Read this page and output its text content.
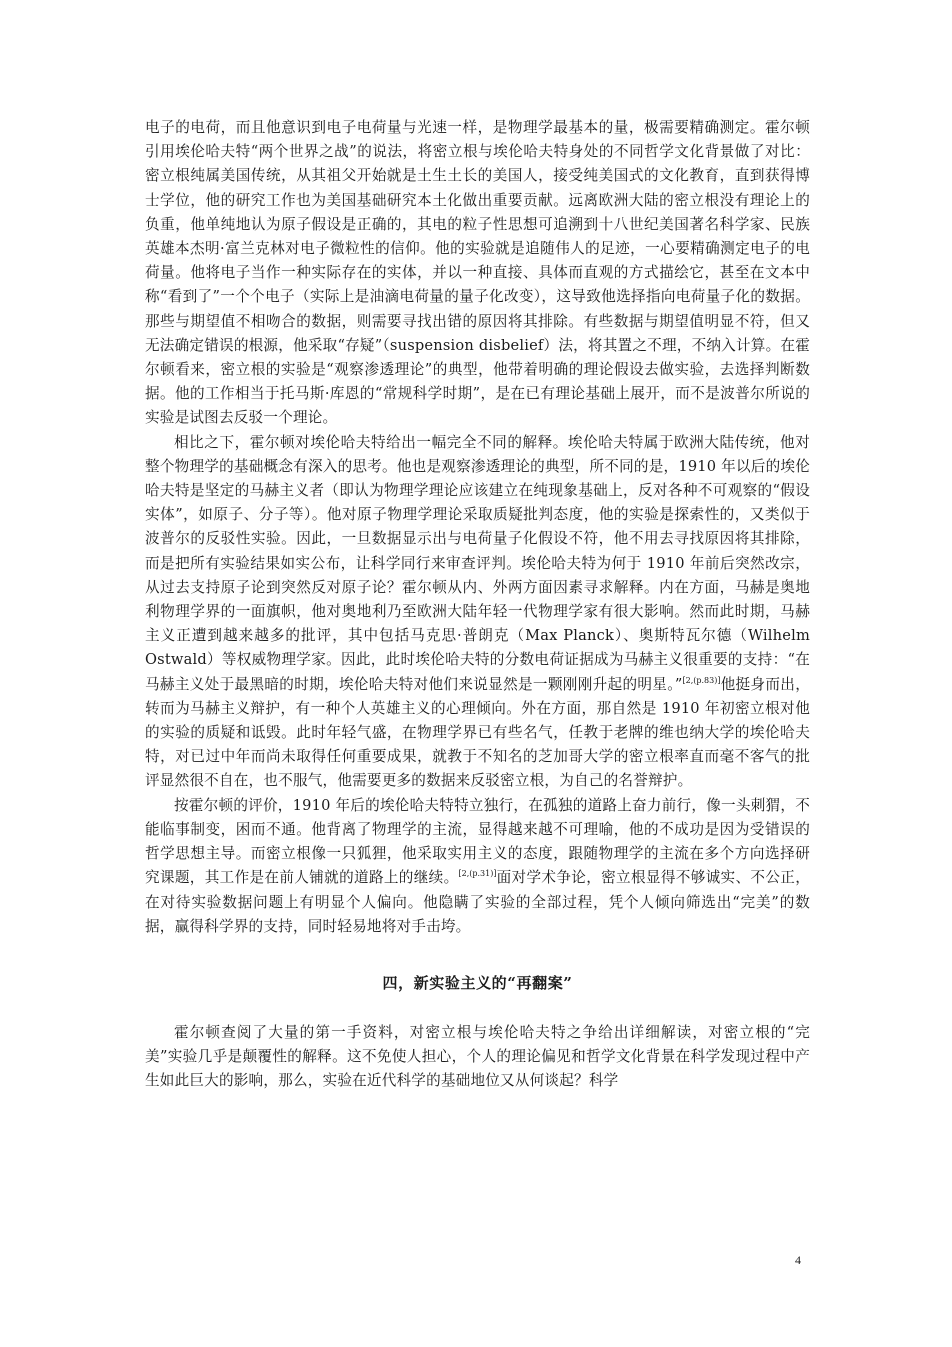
电子的电荷，而且他意识到电子电荷量与光速一样，是物理学最基本的量，极需要精确测定。霍尔顿引用埃伦哈夫特“两个世界之战”的说法，将密立根与埃伦哈夫特身处的不同哲学文化背景做了对比：密立根纯属美国传统，从其祖父开始就是土生土长的美国人，接受纯美国式的文化教育，直到获得博士学位，他的研究工作也为美国基础研究本土化做出重要贡献。远离欧洲大陆的密立根没有理论上的负重，他单纯地认为原子假设是正确的，其电的粒子性思想可追溯到十八世纪美国著名科学家、民族英雄本杰明·富兰克林对电子微粒性的信仰。他的实验就是追随伟人的足迹，一心要精确测定电子的电荷量。他将电子当作一种实际存在的实体，并以一种直接、具体而直观的方式描绘它，甚至在文本中称“看到了”一个个电子（实际上是油滴电荷量的量子化改变），这导致他选择指向电荷量子化的数据。那些与期望值不相吻合的数据，则需要寻找出错的原因将其排除。有些数据与期望值明显不符，但又无法确定错误的根源，他采取“存疑”（suspension disbelief）法，将其置之不理，不纳入计算。在霍尔顿看来，密立根的实验是“观察渗透理论”的典型，他带着明确的理论假设去做实验，去选择判断数据。他的工作相当于托马斯·库恩的“常规科学时期”，是在已有理论基础上展开，而不是波普尔所说的实验是试图去反驳一个理论。

相比之下，霍尔顿对埃伦哈夫特给出一幅完全不同的解释。埃伦哈夫特属于欧洲大陆传统，他对整个物理学的基础概念有深入的思考。他也是观察渗透理论的典型，所不同的是，1910 年以后的埃伦哈夫特是坚定的马赫主义者（即认为物理学理论应该建立在纯现象基础上，反对各种不可观察的“假设实体”，如原子、分子等）。他对原子物理学理论采取质疑批判态度，他的实验是探索性的，又类似于波普尔的反驳性实验。因此，一旦数据显示出与电荷量子化假设不符，他不用去寻找原因将其排除，而是把所有实验结果如实公布，让科学同行来审查评判。埃伦哈夫特为何于 1910 年前后突然改宗，从过去支持原子论到突然反对原子论？霍尔顿从内、外两方面因素寻求解释。内在方面，马赫是奥地利物理学界的一面旗帜，他对奥地利乃至欧洲大陆年轻一代物理学家有很大影响。然而此时期，马赫主义正遭到越来越多的批评，其中包括马克思·普朗克（Max Planck）、奥斯特瓦尔德（Wilhelm Ostwald）等权威物理学家。因此，此时埃伦哈夫特的分数电荷证据成为马赫主义很重要的支持：“在马赫主义处于最黑暗的时期，埃伦哈夫特对他们来说显然是一颗刚刚升起的明星。”[2,(p.83)]他挺身而出，转而为马赫主义辩护，有一种个人英雄主义的心理倾向。外在方面，那自然是 1910 年初密立根对他的实验的质疑和诋毁。此时年轻气盛，在物理学界已有些名气，任教于老牌的维也纳大学的埃伦哈夫特，对已过中年而尚未取得任何重要成果，就教于不知名的芝加哥大学的密立根率直而毫不客气的批评显然很不自在，也不服气，他需要更多的数据来反驳密立根，为自己的名誉辩护。

按霍尔顿的评价，1910 年后的埃伦哈夫特特立独行，在孤独的道路上奋力前行，像一头刺猬，不能临事制变，困而不通。他背离了物理学的主流，显得越来越不可理喻，他的不成功是因为受错误的哲学思想主导。而密立根像一只狐狸，他采取实用主义的态度，跟随物理学的主流在多个方向选择研究课题，其工作是在前人铺就的道路上的继续。[2,(p.31)]面对学术争论，密立根显得不够诚实、不公正，在对待实验数据问题上有明显个人偏向。他隐瞒了实验的全部过程，凭个人倾向筛选出“完美”的数据，赢得科学界的支持，同时轻易地将对手击垮。

四，新实验主义的“再翻案”

霍尔顿查阅了大量的第一手资料，对密立根与埃伦哈夫特之争给出详细解读，对密立根的“完美”实验几乎是颠覆性的解释。这不免使人担心，个人的理论偏见和哲学文化背景在科学发现过程中产生如此巨大的影响，那么，实验在近代科学的基础地位又从何谈起？科学

4
